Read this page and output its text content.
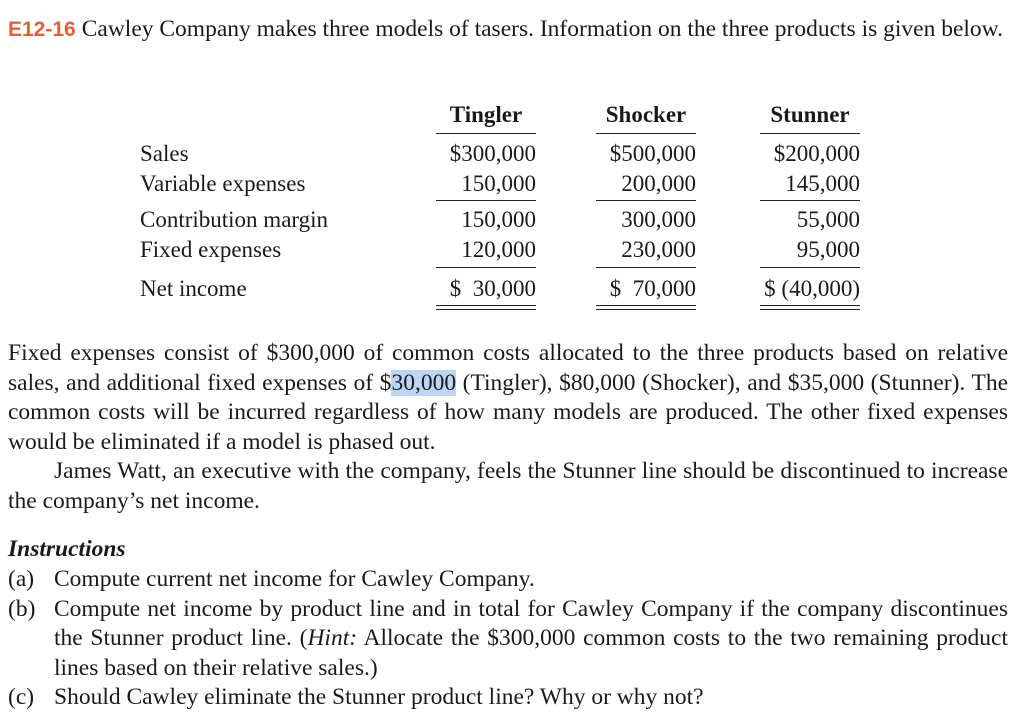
E12-16 Cawley Company makes three models of tasers. Information on the three products is given below.
Tingler	Shocker	Stunner
Sales	$300,000	$500,000	$200,000
Variable expenses	150,000	200,000	145,000
Contribution margin	150,000	300,000	55,000
Fixed expenses	120,000	230,000	95,000
Net income	$  30,000	$  70,000	$ (40,000)

Fixed expenses consist of $300,000 of common costs allocated to the three products based on relative sales, and additional fixed expenses of $30,000 (Tingler), $80,000 (Shocker), and $35,000 (Stunner). The common costs will be incurred regardless of how many models are produced. The other fixed expenses would be eliminated if a model is phased out.

James Watt, an executive with the company, feels the Stunner line should be discontinued to increase the company’s net income.

Instructions
(a) Compute current net income for Cawley Company.
(b) Compute net income by product line and in total for Cawley Company if the company discontinues the Stunner product line. (Hint: Allocate the $300,000 common costs to the two remaining product lines based on their relative sales.)
(c) Should Cawley eliminate the Stunner product line? Why or why not?
